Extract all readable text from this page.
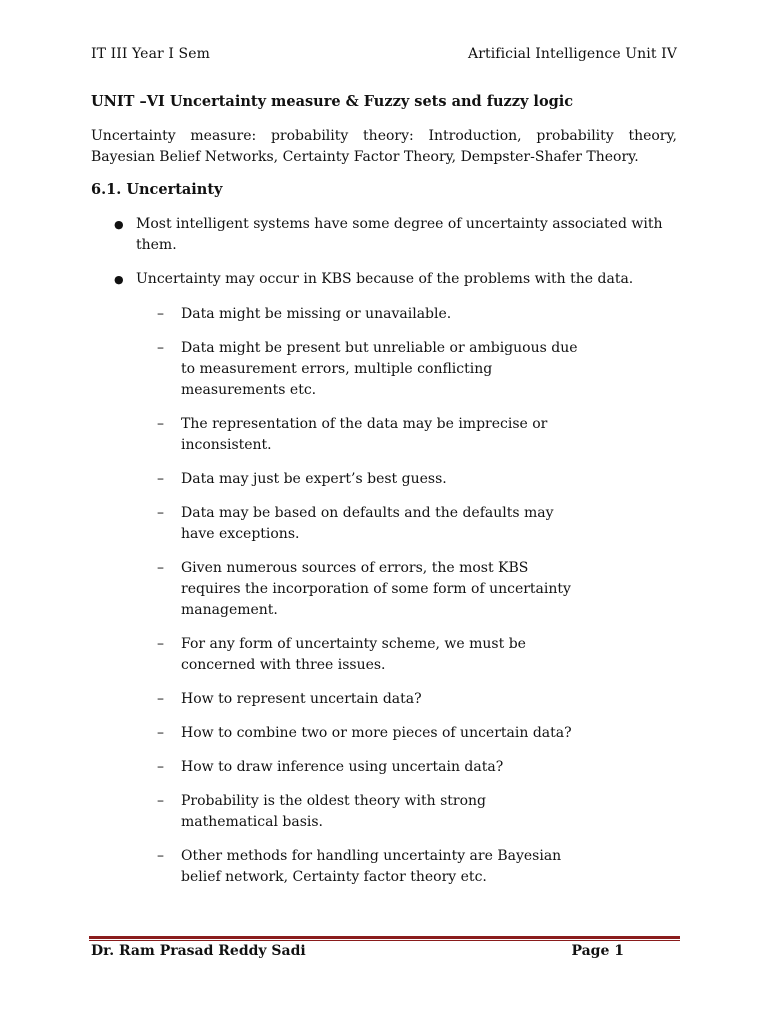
IT III Year I Sem	Artificial Intelligence Unit IV
UNIT –VI Uncertainty measure & Fuzzy sets and fuzzy logic
Uncertainty measure: probability theory: Introduction, probability theory, Bayesian Belief Networks, Certainty Factor Theory, Dempster-Shafer Theory.
6.1. Uncertainty
● Most intelligent systems have some degree of uncertainty associated with them.
● Uncertainty may occur in KBS because of the problems with the data.
– Data might be missing or unavailable.
– Data might be present but unreliable or ambiguous due to measurement errors, multiple conflicting measurements etc.
– The representation of the data may be imprecise or inconsistent.
– Data may just be expert’s best guess.
– Data may be based on defaults and the defaults may have exceptions.
– Given numerous sources of errors, the most KBS requires the incorporation of some form of uncertainty management.
– For any form of uncertainty scheme, we must be concerned with three issues.
– How to represent uncertain data?
– How to combine two or more pieces of uncertain data?
– How to draw inference using uncertain data?
– Probability is the oldest theory with strong mathematical basis.
– Other methods for handling uncertainty are Bayesian belief network, Certainty factor theory etc.
Dr. Ram Prasad Reddy Sadi	Page 1
